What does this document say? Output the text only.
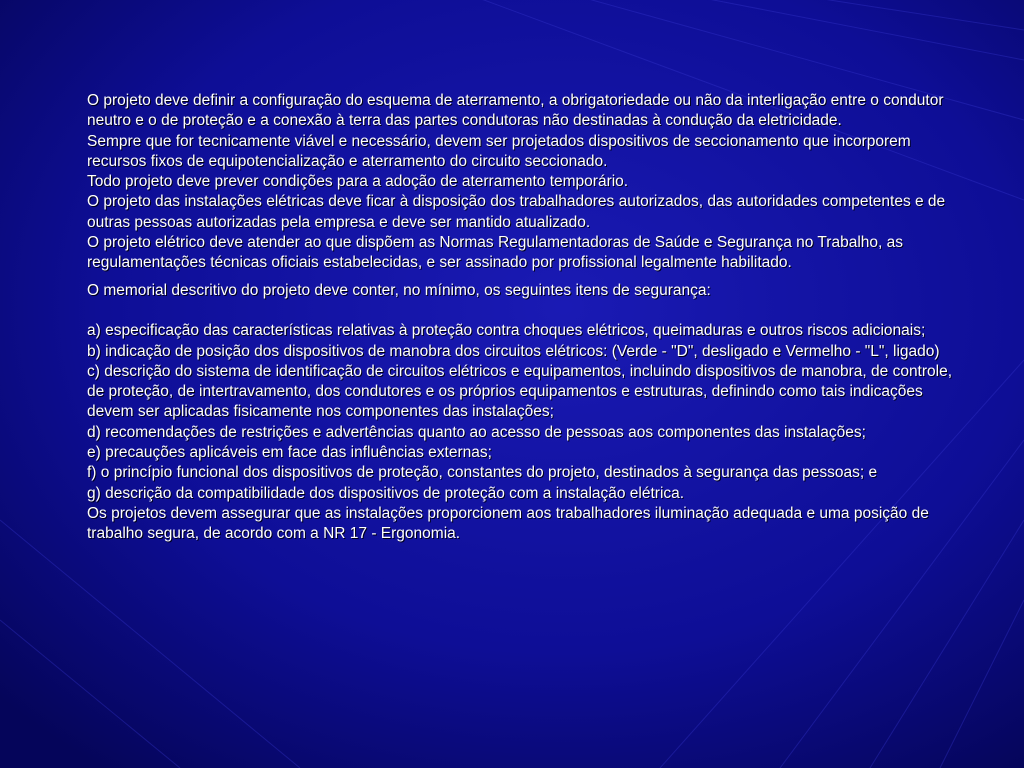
O projeto deve definir a configuração do esquema de aterramento, a obrigatoriedade ou não da interligação entre o condutor neutro e o de proteção e a conexão à terra das partes condutoras não destinadas à condução da eletricidade.

Sempre que for tecnicamente viável e necessário, devem ser projetados dispositivos de seccionamento que incorporem recursos fixos de equipotencialização e aterramento do circuito seccionado.

Todo projeto deve prever condições para a adoção de aterramento temporário.

O projeto das instalações elétricas deve ficar à disposição dos trabalhadores autorizados, das autoridades competentes e de outras pessoas autorizadas pela empresa e deve ser mantido atualizado.

O projeto elétrico deve atender ao que dispõem as Normas Regulamentadoras de Saúde e Segurança no Trabalho, as regulamentações técnicas oficiais estabelecidas, e ser assinado por profissional legalmente habilitado.

O memorial descritivo do projeto deve conter, no mínimo, os seguintes itens de segurança:

a) especificação das características relativas à proteção contra choques elétricos, queimaduras e outros riscos adicionais;

b) indicação de posição dos dispositivos de manobra dos circuitos elétricos: (Verde - "D", desligado e Vermelho - "L", ligado)

c) descrição do sistema de identificação de circuitos elétricos e equipamentos, incluindo dispositivos de manobra, de controle, de proteção, de intertravamento, dos condutores e os próprios equipamentos e estruturas, definindo como tais indicações devem ser aplicadas fisicamente nos componentes das instalações;

d) recomendações de restrições e advertências quanto ao acesso de pessoas aos componentes das instalações;

e) precauções aplicáveis em face das influências externas;

f) o princípio funcional dos dispositivos de proteção, constantes do projeto, destinados à segurança das pessoas; e

g) descrição da compatibilidade dos dispositivos de proteção com a instalação elétrica.

Os projetos devem assegurar que as instalações proporcionem aos trabalhadores iluminação adequada e uma posição de trabalho segura, de acordo com a NR 17 - Ergonomia.
